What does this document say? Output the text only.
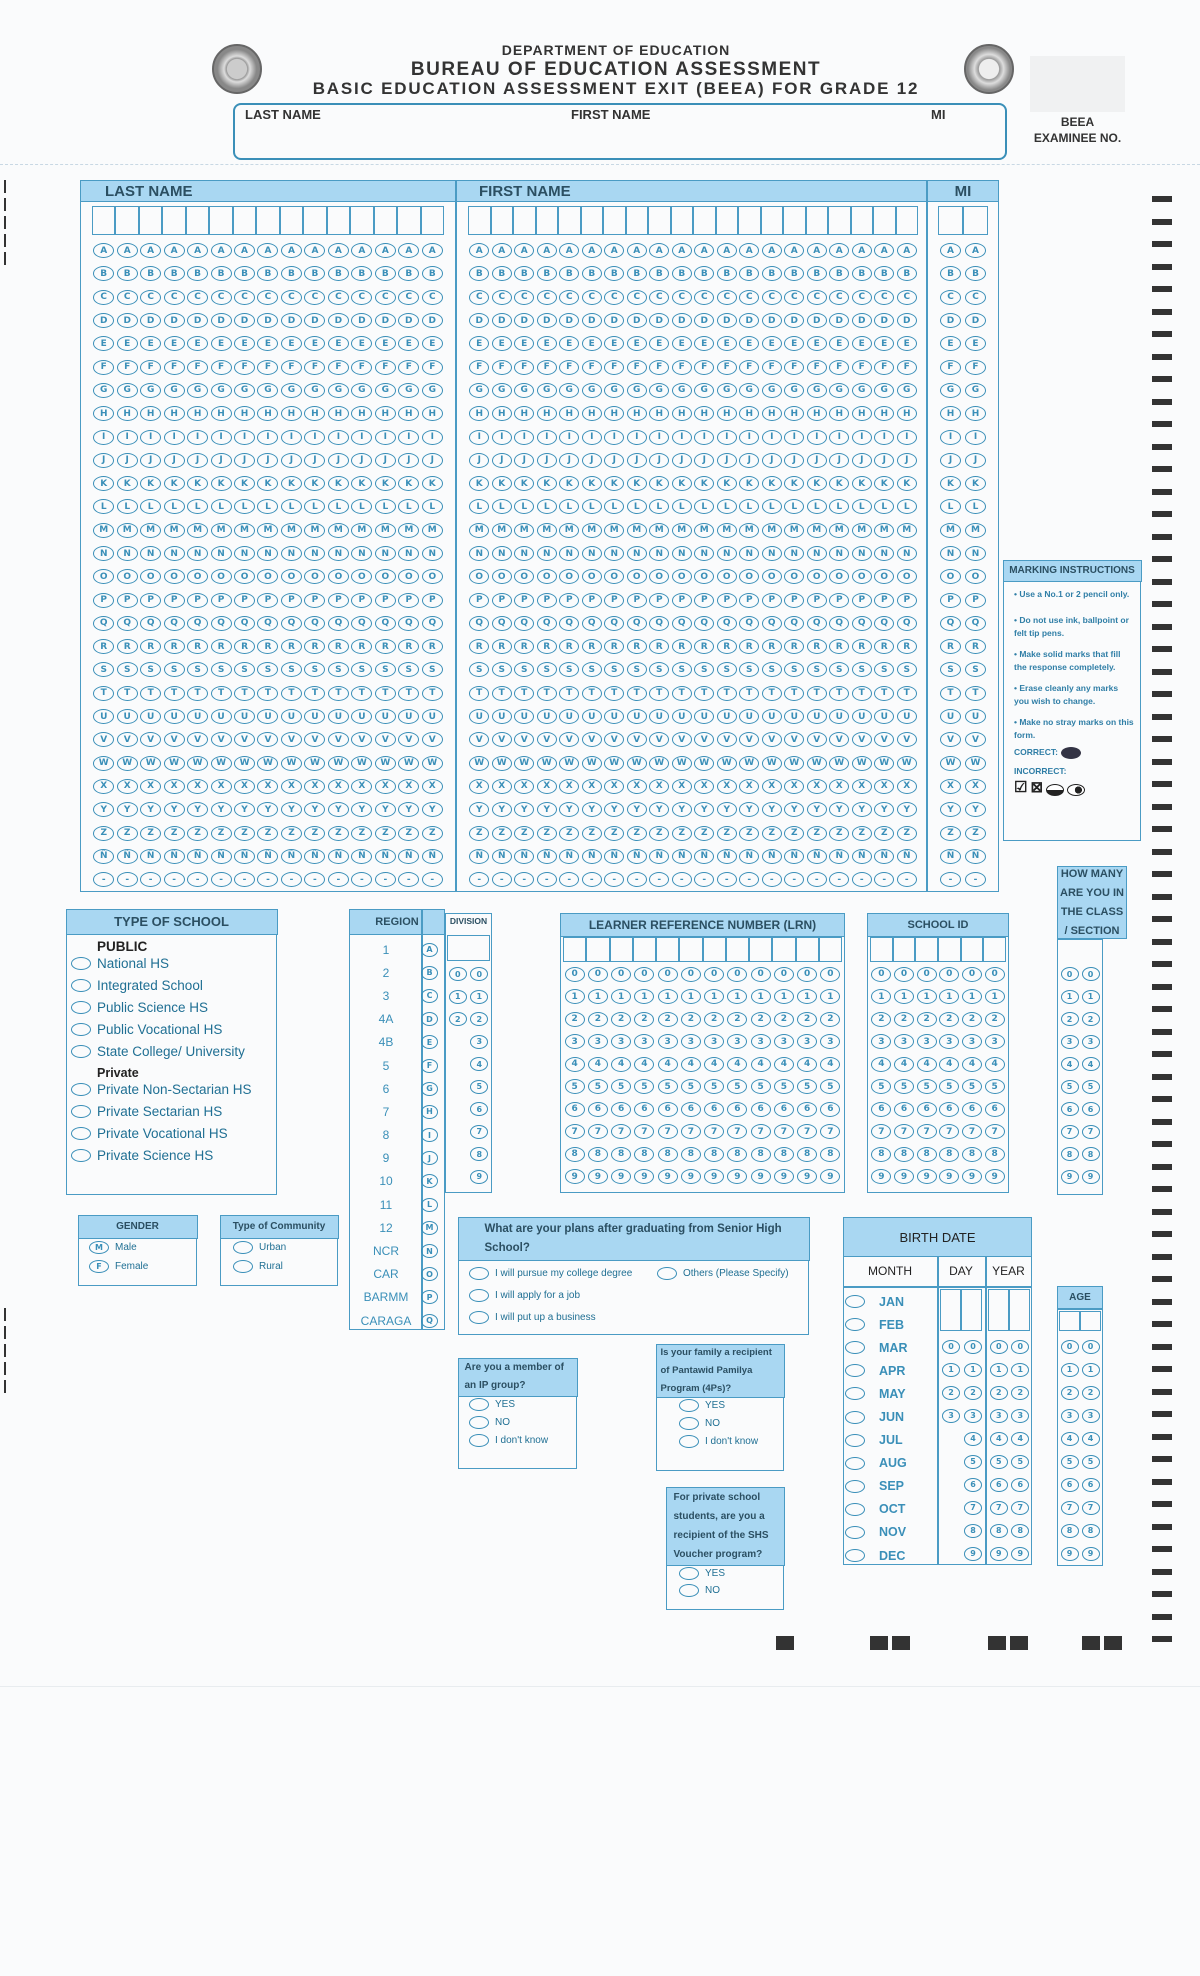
DEPARTMENT OF EDUCATION
BUREAU OF EDUCATION ASSESSMENT
BASIC EDUCATION ASSESSMENT EXIT (BEEA) FOR GRADE 12
LAST NAME	FIRST NAME	MI	BEEA
EXAMINEE NO.
LAST NAME	FIRST NAME	MI
A	A	A	A	A	A	A	A	A	A	A	A	A	A	A
B	B	B	B	B	B	B	B	B	B	B	B	B	B	B
C	C	C	C	C	C	C	C	C	C	C	C	C	C	C
D	D	D	D	D	D	D	D	D	D	D	D	D	D	D
E	E	E	E	E	E	E	E	E	E	E	E	E	E	E
F	F	F	F	F	F	F	F	F	F	F	F	F	F	F
G	G	G	G	G	G	G	G	G	G	G	G	G	G	G
H	H	H	H	H	H	H	H	H	H	H	H	H	H	H
I	I	I	I	I	I	I	I	I	I	I	I	I	I	I
J	J	J	J	J	J	J	J	J	J	J	J	J	J	J
K	K	K	K	K	K	K	K	K	K	K	K	K	K	K
L	L	L	L	L	L	L	L	L	L	L	L	L	L	L
M	M	M	M	M	M	M	M	M	M	M	M	M	M	M
N	N	N	N	N	N	N	N	N	N	N	N	N	N	N
O	O	O	O	O	O	O	O	O	O	O	O	O	O	O
P	P	P	P	P	P	P	P	P	P	P	P	P	P	P
Q	Q	Q	Q	Q	Q	Q	Q	Q	Q	Q	Q	Q	Q	Q
R	R	R	R	R	R	R	R	R	R	R	R	R	R	R
S	S	S	S	S	S	S	S	S	S	S	S	S	S	S
T	T	T	T	T	T	T	T	T	T	T	T	T	T	T
U	U	U	U	U	U	U	U	U	U	U	U	U	U	U
V	V	V	V	V	V	V	V	V	V	V	V	V	V	V
W	W	W	W	W	W	W	W	W	W	W	W	W	W	W
X	X	X	X	X	X	X	X	X	X	X	X	X	X	X
Y	Y	Y	Y	Y	Y	Y	Y	Y	Y	Y	Y	Y	Y	Y
Z	Z	Z	Z	Z	Z	Z	Z	Z	Z	Z	Z	Z	Z	Z
Ñ	Ñ	Ñ	Ñ	Ñ	Ñ	Ñ	Ñ	Ñ	Ñ	Ñ	Ñ	Ñ	Ñ	Ñ
-	-	-	-	-	-	-	-	-	-	-	-	-	-	-
A	A	A	A	A	A	A	A	A	A	A	A	A	A	A	A	A	A	A	A
B	B	B	B	B	B	B	B	B	B	B	B	B	B	B	B	B	B	B	B
C	C	C	C	C	C	C	C	C	C	C	C	C	C	C	C	C	C	C	C
D	D	D	D	D	D	D	D	D	D	D	D	D	D	D	D	D	D	D	D
E	E	E	E	E	E	E	E	E	E	E	E	E	E	E	E	E	E	E	E
F	F	F	F	F	F	F	F	F	F	F	F	F	F	F	F	F	F	F	F
G	G	G	G	G	G	G	G	G	G	G	G	G	G	G	G	G	G	G	G
H	H	H	H	H	H	H	H	H	H	H	H	H	H	H	H	H	H	H	H
I	I	I	I	I	I	I	I	I	I	I	I	I	I	I	I	I	I	I	I
J	J	J	J	J	J	J	J	J	J	J	J	J	J	J	J	J	J	J	J
K	K	K	K	K	K	K	K	K	K	K	K	K	K	K	K	K	K	K	K
L	L	L	L	L	L	L	L	L	L	L	L	L	L	L	L	L	L	L	L
M	M	M	M	M	M	M	M	M	M	M	M	M	M	M	M	M	M	M	M
N	N	N	N	N	N	N	N	N	N	N	N	N	N	N	N	N	N	N	N
O	O	O	O	O	O	O	O	O	O	O	O	O	O	O	O	O	O	O	O
P	P	P	P	P	P	P	P	P	P	P	P	P	P	P	P	P	P	P	P
Q	Q	Q	Q	Q	Q	Q	Q	Q	Q	Q	Q	Q	Q	Q	Q	Q	Q	Q	Q
R	R	R	R	R	R	R	R	R	R	R	R	R	R	R	R	R	R	R	R
S	S	S	S	S	S	S	S	S	S	S	S	S	S	S	S	S	S	S	S
T	T	T	T	T	T	T	T	T	T	T	T	T	T	T	T	T	T	T	T
U	U	U	U	U	U	U	U	U	U	U	U	U	U	U	U	U	U	U	U
V	V	V	V	V	V	V	V	V	V	V	V	V	V	V	V	V	V	V	V
W	W	W	W	W	W	W	W	W	W	W	W	W	W	W	W	W	W	W	W
X	X	X	X	X	X	X	X	X	X	X	X	X	X	X	X	X	X	X	X
Y	Y	Y	Y	Y	Y	Y	Y	Y	Y	Y	Y	Y	Y	Y	Y	Y	Y	Y	Y
Z	Z	Z	Z	Z	Z	Z	Z	Z	Z	Z	Z	Z	Z	Z	Z	Z	Z	Z	Z
Ñ	Ñ	Ñ	Ñ	Ñ	Ñ	Ñ	Ñ	Ñ	Ñ	Ñ	Ñ	Ñ	Ñ	Ñ	Ñ	Ñ	Ñ	Ñ	Ñ
-	-	-	-	-	-	-	-	-	-	-	-	-	-	-	-	-	-	-	-
A	A
B	B
C	C
D	D
E	E
F	F
G	G
H	H
I	I
J	J
K	K
L	L
M	M
N	N
O	O
P	P
Q	Q
R	R
S	S
T	T
U	U
V	V
W	W
X	X
Y	Y
Z	Z
Ñ	Ñ
-	-
MARKING INSTRUCTIONS
• Use a No.1 or 2 pencil only.
• Do not use ink, ballpoint or felt tip pens.
• Make solid marks that fill the response completely.
• Erase cleanly any marks you wish to change.
• Make no stray marks on this form.
CORRECT:
INCORRECT:
☑ ⊠
HOW MANY ARE YOU IN THE CLASS / SECTION
0	0
1	1
2	2
3	3
4	4
5	5
6	6
7	7
8	8
9	9
TYPE OF SCHOOL
PUBLIC
National HS
Integrated School
Public Science HS
Public Vocational HS
State College/ University
Private
Private Non-Sectarian HS
Private Sectarian HS
Private Vocational HS
Private Science HS
REGION
1	A
2	B
3	C
4A	D
4B	E
5	F
6	G
7	H
8	I
9	J
10	K
11	L
12	M
NCR	N
CAR	O
BARMM	P
CARAGA	Q
DIVISION
0	0
1	1
2	2
3
4
5
6
7
8
9
LEARNER REFERENCE NUMBER (LRN)
0	0	0	0	0	0	0	0	0	0	0	0
1	1	1	1	1	1	1	1	1	1	1	1
2	2	2	2	2	2	2	2	2	2	2	2
3	3	3	3	3	3	3	3	3	3	3	3
4	4	4	4	4	4	4	4	4	4	4	4
5	5	5	5	5	5	5	5	5	5	5	5
6	6	6	6	6	6	6	6	6	6	6	6
7	7	7	7	7	7	7	7	7	7	7	7
8	8	8	8	8	8	8	8	8	8	8	8
9	9	9	9	9	9	9	9	9	9	9	9
SCHOOL ID
0	0	0	0	0	0
1	1	1	1	1	1
2	2	2	2	2	2
3	3	3	3	3	3
4	4	4	4	4	4
5	5	5	5	5	5
6	6	6	6	6	6
7	7	7	7	7	7
8	8	8	8	8	8
9	9	9	9	9	9
GENDER
M	Male
F	Female
Type of Community
Urban
Rural
What are your plans after graduating from Senior High School?
I will pursue my college degree	Others (Please Specify)
I will apply for a job
I will put up a business
Are you a member of an IP group?
YES
NO
I don't know
Is your family a recipient of Pantawid Pamilya Program (4Ps)?
YES
NO
I don't know
For private school students, are you a recipient of the SHS Voucher program?
YES
NO
BIRTH DATE
MONTH	DAY	YEAR
JAN
FEB
MAR
APR
MAY
JUN
JUL
AUG
SEP
OCT
NOV
DEC
0	0
1	1
2	2
3	3
4
5
6
7
8
9
0	0
1	1
2	2
3	3
4	4
5	5
6	6
7	7
8	8
9	9
AGE
0	0
1	1
2	2
3	3
4	4
5	5
6	6
7	7
8	8
9	9
